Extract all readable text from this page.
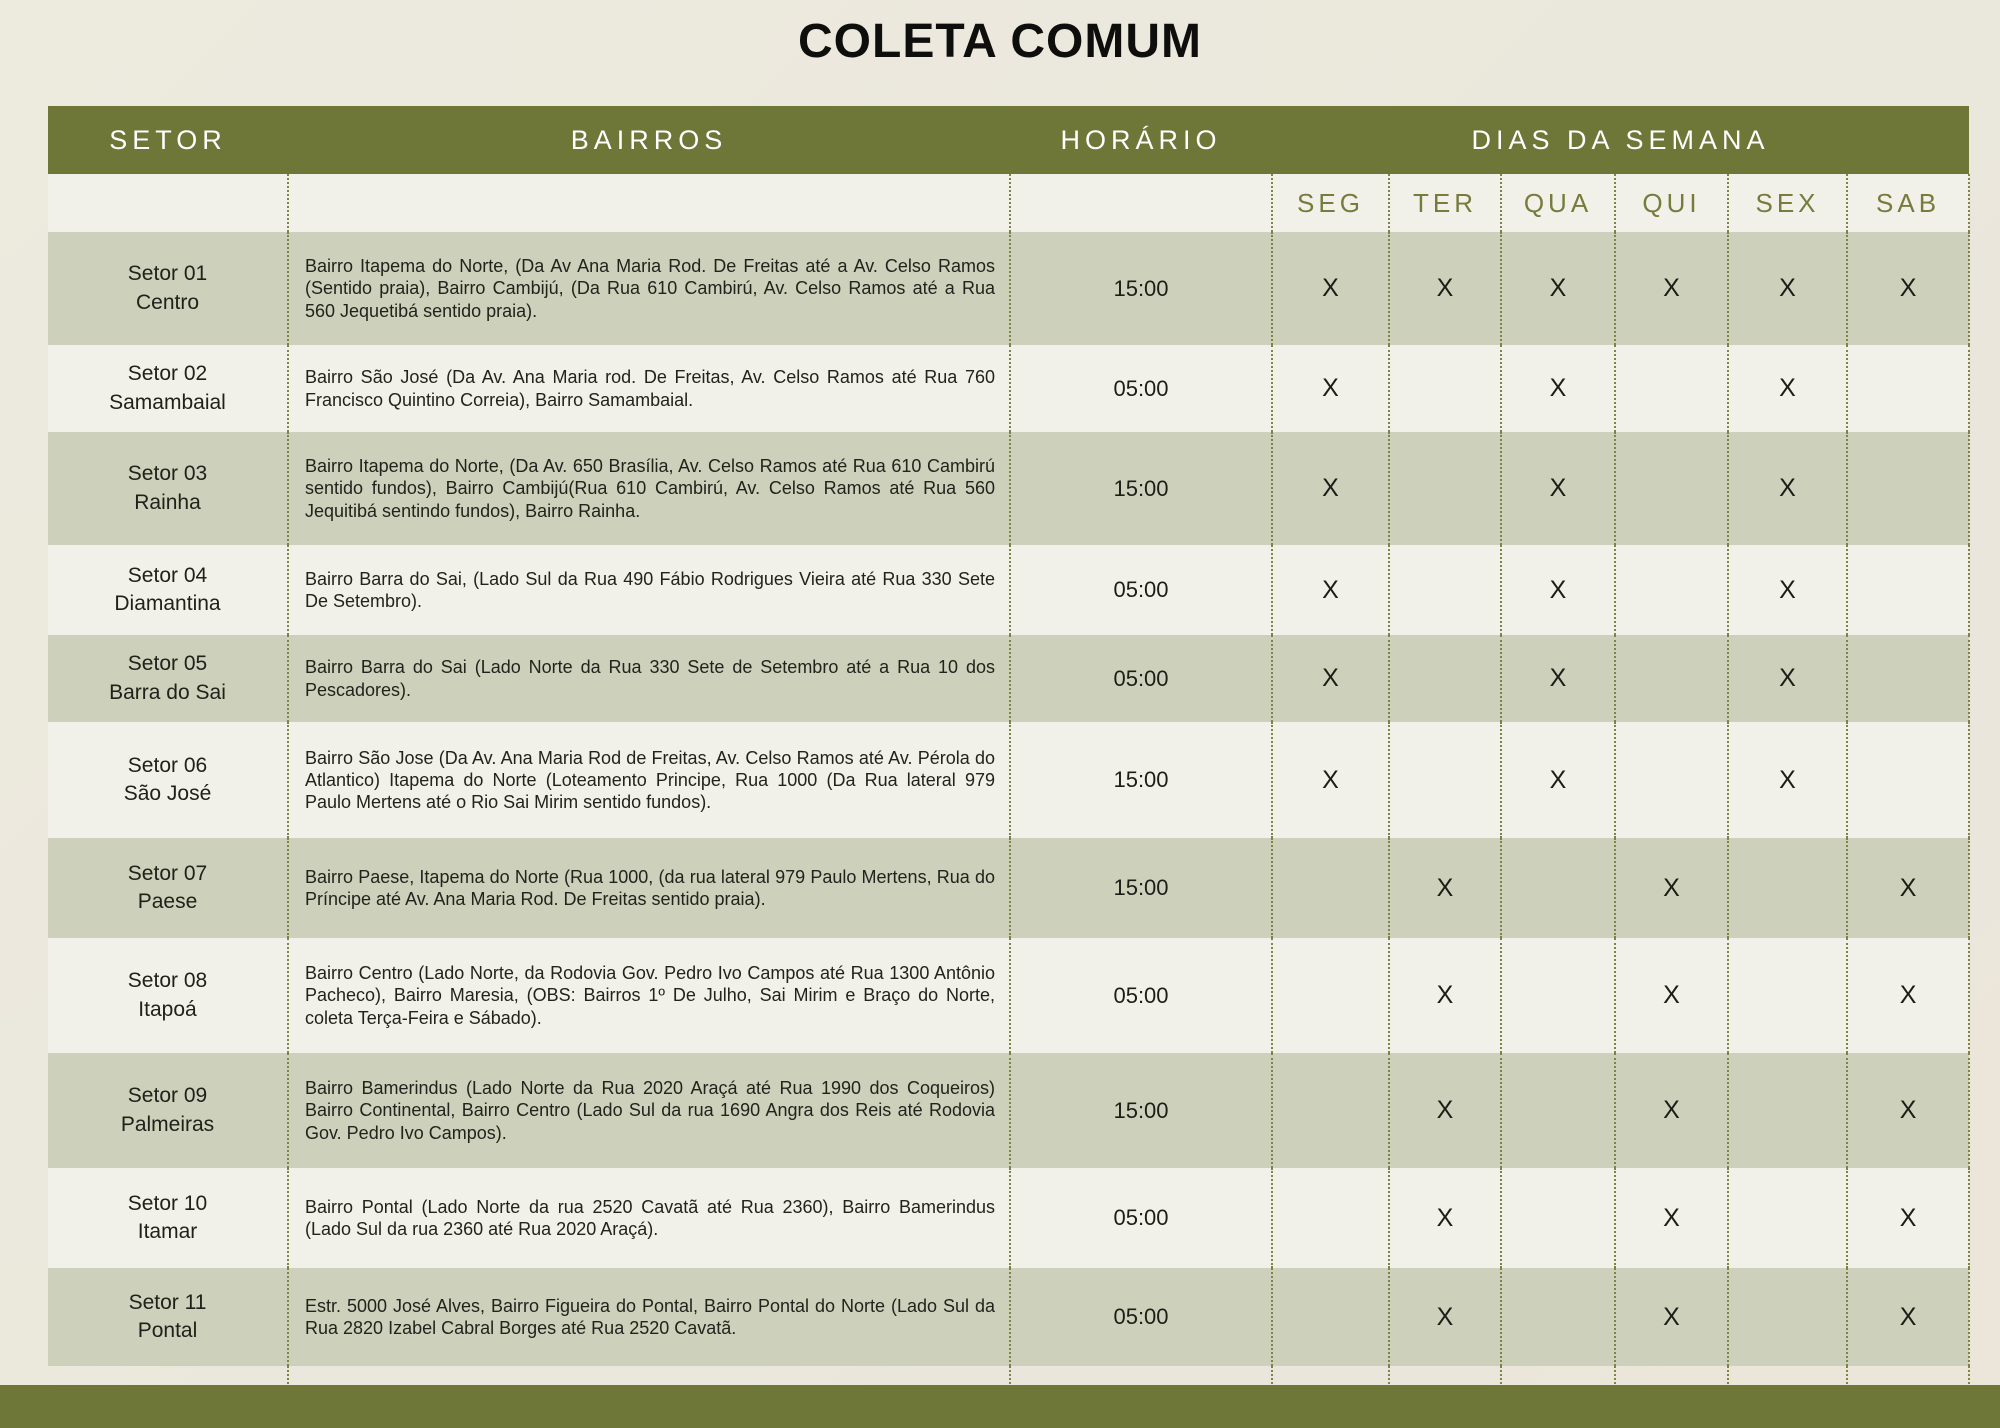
COLETA COMUM
SETOR	BAIRROS	HORÁRIO	DIAS DA SEMANA					
			SEG	TER	QUA	QUI	SEX	SAB

Setor 01
Centro	Bairro Itapema do Norte, (Da Av Ana Maria Rod. De Freitas até a Av. Celso Ramos (Sentido praia), Bairro Cambijú, (Da Rua 610 Cambirú, Av. Celso Ramos até a Rua 560 Jequetibá sentido praia).	15:00	X	X	X	X	X	X

Setor 02
Samambaial	Bairro São José (Da Av. Ana Maria rod. De Freitas, Av. Celso Ramos até Rua 760 Francisco Quintino Correia), Bairro Samambaial.	05:00	X		X		X	

Setor 03
Rainha	Bairro Itapema do Norte, (Da Av. 650 Brasília, Av. Celso Ramos até Rua 610 Cambirú sentido fundos), Bairro Cambijú(Rua 610 Cambirú, Av. Celso Ramos até Rua 560 Jequitibá sentindo fundos), Bairro Rainha.	15:00	X		X		X	

Setor 04
Diamantina	Bairro Barra do Sai, (Lado Sul da Rua 490 Fábio Rodrigues Vieira até Rua 330 Sete De Setembro).	05:00	X		X		X	

Setor 05
Barra do Sai	Bairro Barra do Sai (Lado Norte da Rua 330 Sete de Setembro até a Rua 10 dos Pescadores).	05:00	X		X		X	

Setor 06
São José	Bairro São Jose (Da Av. Ana Maria Rod de Freitas, Av. Celso Ramos até Av. Pérola do Atlantico) Itapema do Norte (Loteamento Principe, Rua 1000 (Da Rua lateral 979 Paulo Mertens até o Rio Sai Mirim sentido fundos).	15:00	X		X		X	

Setor 07
Paese	Bairro Paese, Itapema do Norte (Rua 1000, (da rua lateral 979 Paulo Mertens, Rua do Príncipe até Av. Ana Maria Rod. De Freitas sentido praia).	15:00		X		X		X

Setor 08
Itapoá	Bairro Centro (Lado Norte, da Rodovia Gov. Pedro Ivo Campos até Rua 1300 Antônio Pacheco), Bairro Maresia, (OBS: Bairros 1º De Julho, Sai Mirim e Braço do Norte, coleta Terça-Feira e Sábado).	05:00		X		X		X

Setor 09
Palmeiras	Bairro Bamerindus (Lado Norte da Rua 2020 Araçá até Rua 1990 dos Coqueiros) Bairro Continental, Bairro Centro (Lado Sul da rua 1690 Angra dos Reis até Rodovia Gov. Pedro Ivo Campos).	15:00		X		X		X

Setor 10
Itamar	Bairro Pontal (Lado Norte da rua 2520 Cavatã até Rua 2360), Bairro Bamerindus (Lado Sul da rua 2360 até Rua 2020 Araçá).	05:00		X		X		X

Setor 11
Pontal	Estr. 5000 José Alves, Bairro Figueira do Pontal, Bairro Pontal do Norte (Lado Sul da Rua 2820 Izabel Cabral Borges até Rua 2520 Cavatã.	05:00		X		X		X
